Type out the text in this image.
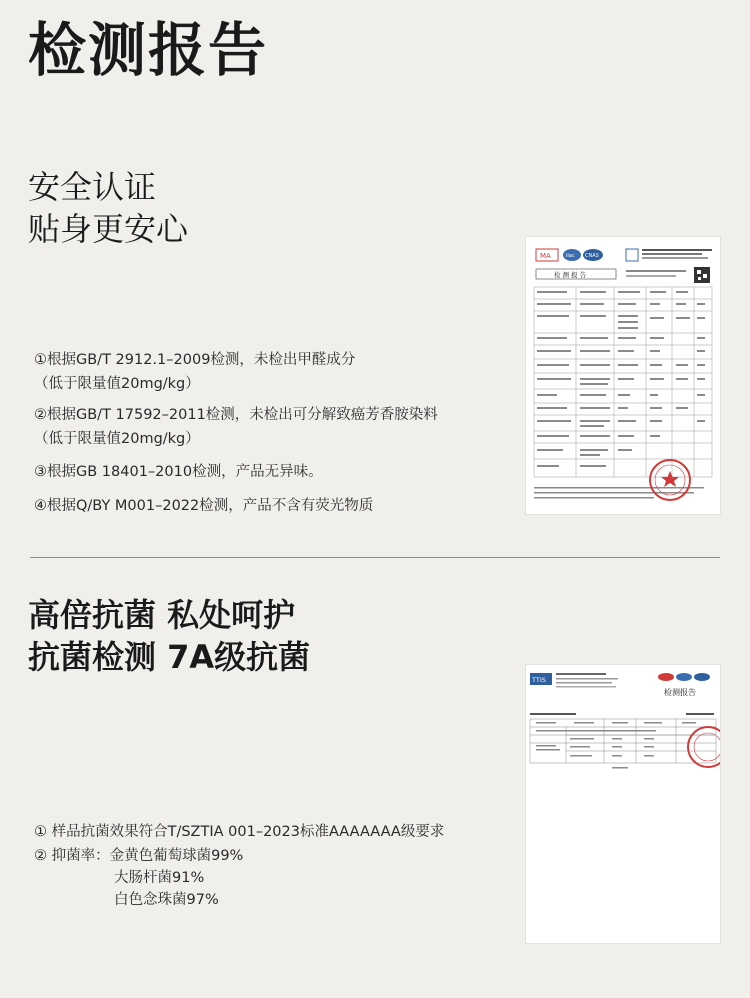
检测报告
安全认证
贴身更安心
①根据GB/T 2912.1–2009检测，未检出甲醛成分
（低于限量值20mg/kg）
②根据GB/T 17592–2011检测，未检出可分解致癌芳香胺染料
（低于限量值20mg/kg）
③根据GB 18401–2010检测，产品无异味。
④根据Q/BY M001–2022检测，产品不含有荧光物质
MA	ilac CNAS
检 测 报 告
高倍抗菌 私处呵护
抗菌检测 7A级抗菌
① 样品抗菌效果符合T/SZTIA 001–2023标准AAAAAAA级要求
② 抑菌率：金黄色葡萄球菌99%
大肠杆菌91%
白色念珠菌97%
TTIS
检测报告
